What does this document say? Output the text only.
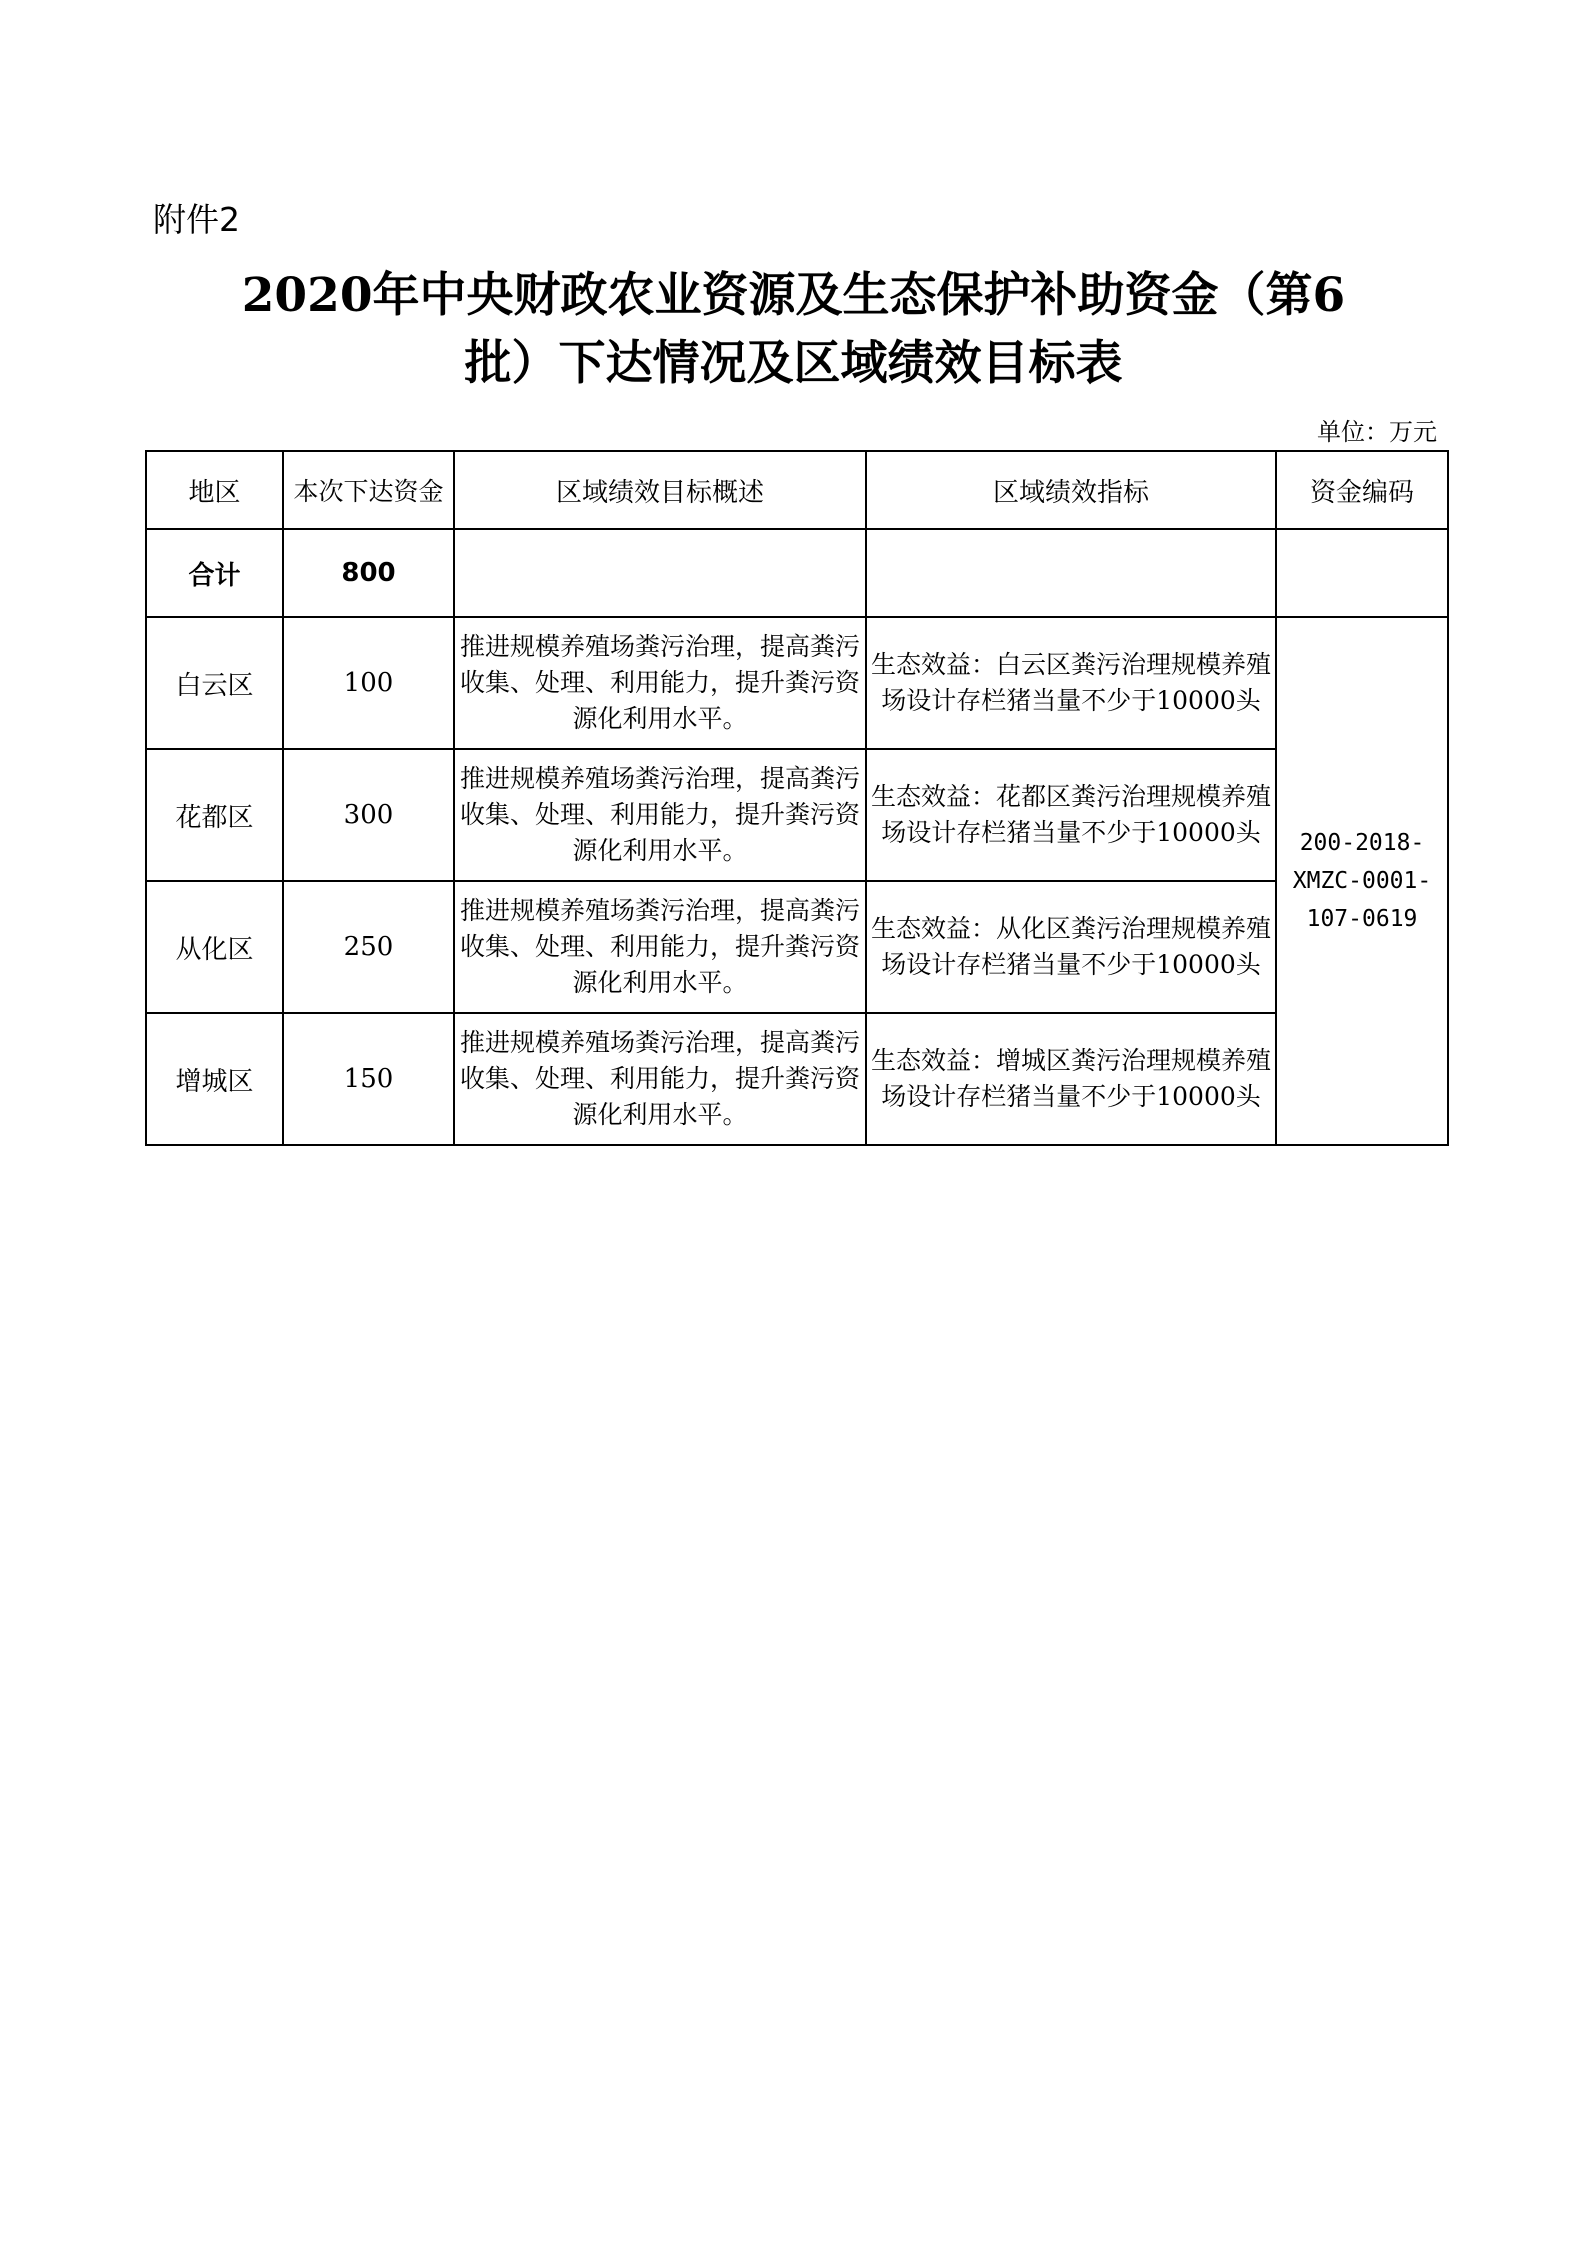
附件2
2020年中央财政农业资源及生态保护补助资金（第6
批）下达情况及区域绩效目标表
单位：万元
地区	本次下达资金	区域绩效目标概述	区域绩效指标	资金编码
合计	800			
白云区	100	推进规模养殖场粪污治理，提高粪污收集、处理、利用能力，提升粪污资源化利用水平。	生态效益：白云区粪污治理规模养殖场设计存栏猪当量不少于10000头	200-2018-
XMZC-0001-
107-0619

花都区	300	推进规模养殖场粪污治理，提高粪污收集、处理、利用能力，提升粪污资源化利用水平。	生态效益：花都区粪污治理规模养殖场设计存栏猪当量不少于10000头	
从化区	250	推进规模养殖场粪污治理，提高粪污收集、处理、利用能力，提升粪污资源化利用水平。	生态效益：从化区粪污治理规模养殖场设计存栏猪当量不少于10000头	
增城区	150	推进规模养殖场粪污治理，提高粪污收集、处理、利用能力，提升粪污资源化利用水平。	生态效益：增城区粪污治理规模养殖场设计存栏猪当量不少于10000头	
